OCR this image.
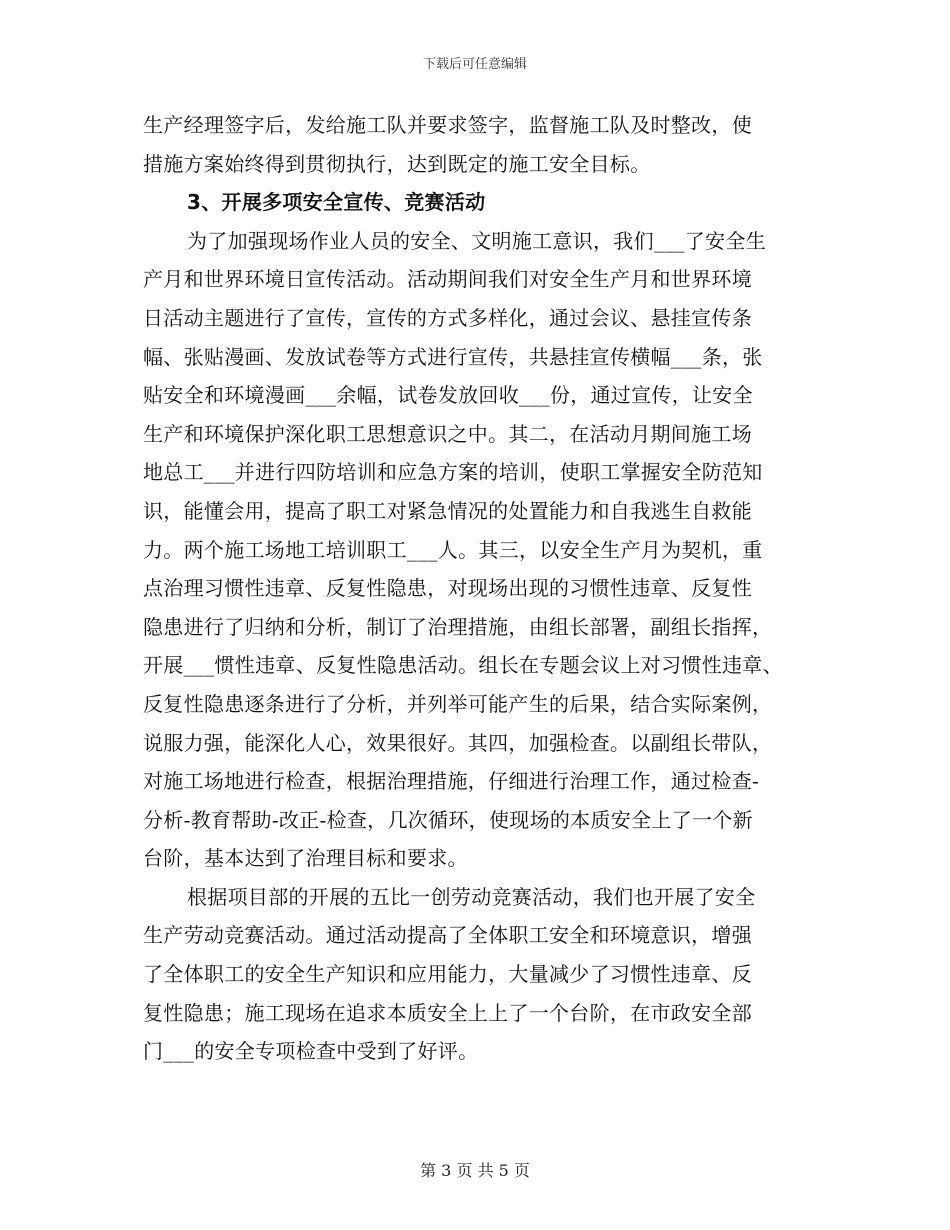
下载后可任意编辑
生产经理签字后，发给施工队并要求签字，监督施工队及时整改，使
措施方案始终得到贯彻执行，达到既定的施工安全目标。
3、开展多项安全宣传、竞赛活动
为了加强现场作业人员的安全、文明施工意识，我们___了安全生
产月和世界环境日宣传活动。活动期间我们对安全生产月和世界环境
日活动主题进行了宣传，宣传的方式多样化，通过会议、悬挂宣传条
幅、张贴漫画、发放试卷等方式进行宣传，共悬挂宣传横幅___条，张
贴安全和环境漫画___余幅，试卷发放回收___份，通过宣传，让安全
生产和环境保护深化职工思想意识之中。其二，在活动月期间施工场
地总工___并进行四防培训和应急方案的培训，使职工掌握安全防范知
识，能懂会用，提高了职工对紧急情况的处置能力和自我逃生自救能
力。两个施工场地工培训职工___人。其三，以安全生产月为契机，重
点治理习惯性违章、反复性隐患，对现场出现的习惯性违章、反复性
隐患进行了归纳和分析，制订了治理措施，由组长部署，副组长指挥，
开展___惯性违章、反复性隐患活动。组长在专题会议上对习惯性违章、
反复性隐患逐条进行了分析，并列举可能产生的后果，结合实际案例，
说服力强，能深化人心，效果很好。其四，加强检查。以副组长带队，
对施工场地进行检查，根据治理措施，仔细进行治理工作，通过检查-
分析-教育帮助-改正-检查，几次循环，使现场的本质安全上了一个新
台阶，基本达到了治理目标和要求。
根据项目部的开展的五比一创劳动竞赛活动，我们也开展了安全
生产劳动竞赛活动。通过活动提高了全体职工安全和环境意识，增强
了全体职工的安全生产知识和应用能力，大量减少了习惯性违章、反
复性隐患；施工现场在追求本质安全上上了一个台阶，在市政安全部
门___的安全专项检查中受到了好评。
第 3 页 共 5 页
